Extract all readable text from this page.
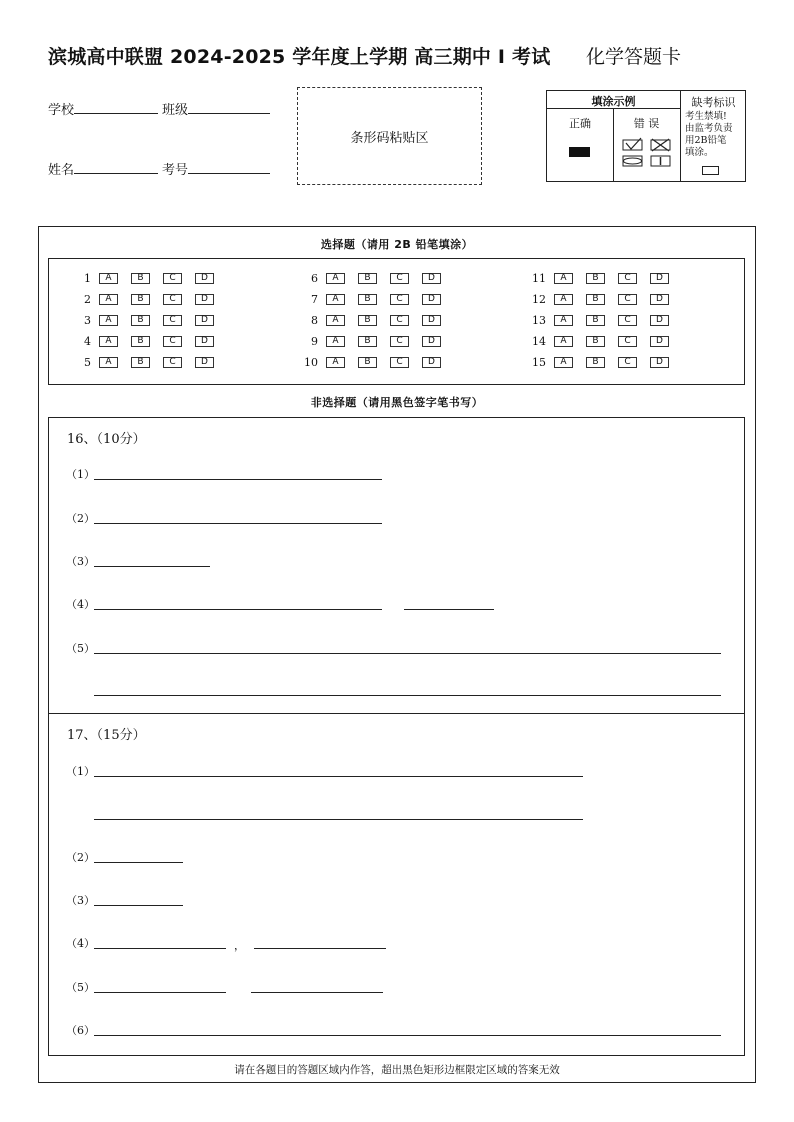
滨城高中联盟 2024-2025 学年度上学期 高三期中 Ⅰ 考试 化学答题卡
学校	班级
姓名	考号
条形码粘贴区
填涂示例
正确	错 误
缺考标识
考生禁填!
由监考负责
用2B铅笔
填涂。
选择题（请用 2B 铅笔填涂）
1	A	B	C	D
2	A	B	C	D
3	A	B	C	D
4	A	B	C	D
5	A	B	C	D
6	A	B	C	D
7	A	B	C	D
8	A	B	C	D
9	A	B	C	D
10	A	B	C	D
11	A	B	C	D
12	A	B	C	D
13	A	B	C	D
14	A	B	C	D
15	A	B	C	D
非选择题（请用黑色签字笔书写）
16、（10分）
（1）
（2）
（3）
（4）
（5）
17、（15分）
（1）
（2）
（3）
（4）	，
（5）
（6）
请在各题目的答题区域内作答，超出黑色矩形边框限定区域的答案无效
